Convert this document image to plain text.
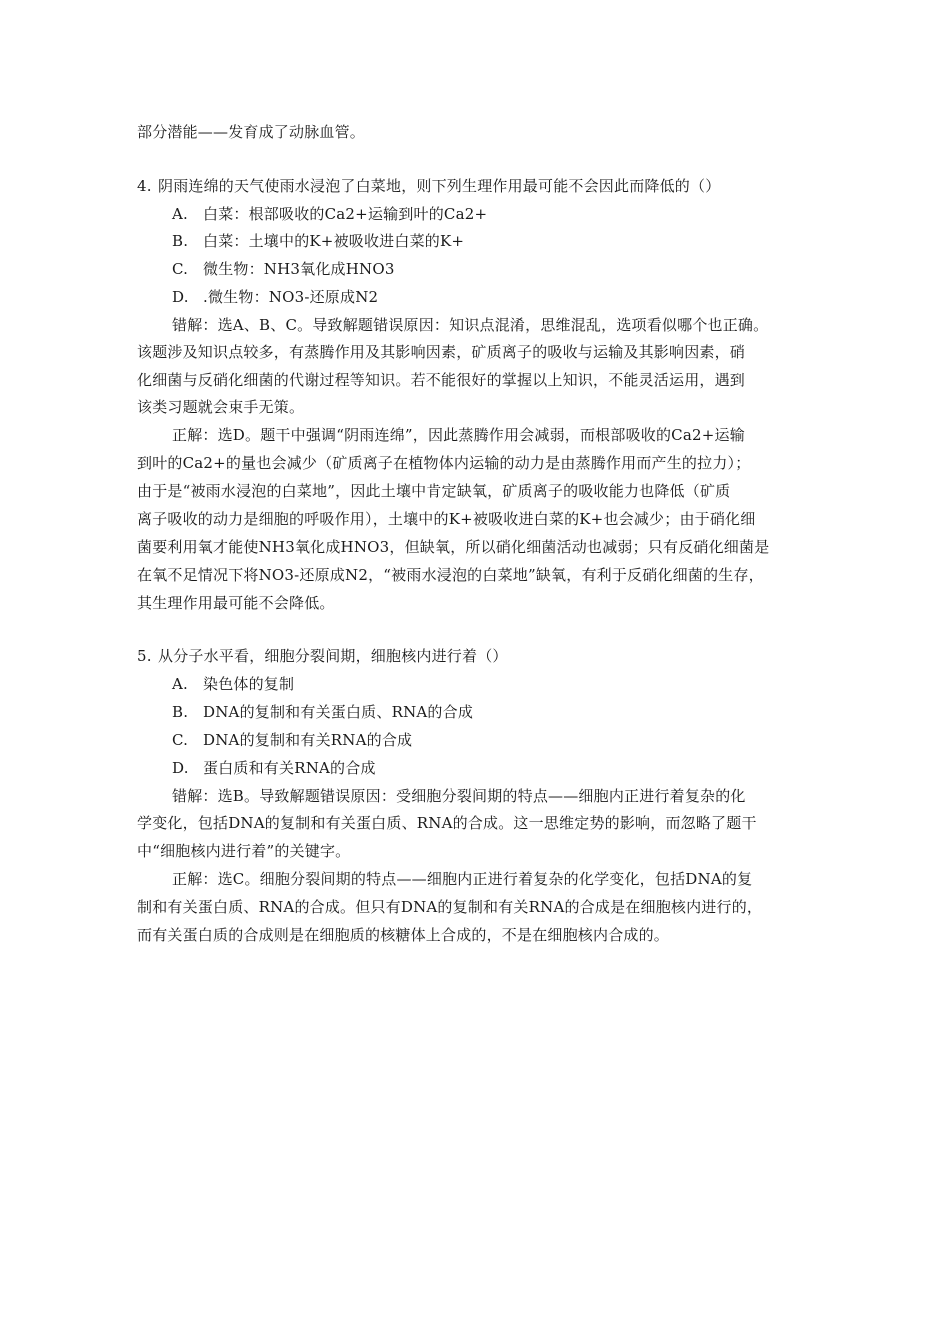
部分潜能——发育成了动脉血管。
4. 阴雨连绵的天气使雨水浸泡了白菜地，则下列生理作用最可能不会因此而降低的（）
A. 白菜：根部吸收的Ca2+运输到叶的Ca2+
B. 白菜：土壤中的K+被吸收进白菜的K+
C. 微生物：NH3氧化成HNO3
D. .微生物：NO3-还原成N2
错解：选A、B、C。导致解题错误原因：知识点混淆，思维混乱，选项看似哪个也正确。
该题涉及知识点较多，有蒸腾作用及其影响因素，矿质离子的吸收与运输及其影响因素，硝
化细菌与反硝化细菌的代谢过程等知识。若不能很好的掌握以上知识，不能灵活运用，遇到
该类习题就会束手无策。
正解：选D。题干中强调“阴雨连绵”，因此蒸腾作用会减弱，而根部吸收的Ca2+运输
到叶的Ca2+的量也会减少（矿质离子在植物体内运输的动力是由蒸腾作用而产生的拉力）；
由于是“被雨水浸泡的白菜地”，因此土壤中肯定缺氧，矿质离子的吸收能力也降低（矿质
离子吸收的动力是细胞的呼吸作用），土壤中的K+被吸收进白菜的K+也会减少；由于硝化细
菌要利用氧才能使NH3氧化成HNO3，但缺氧，所以硝化细菌活动也减弱；只有反硝化细菌是
在氧不足情况下将NO3-还原成N2，“被雨水浸泡的白菜地”缺氧，有利于反硝化细菌的生存，
其生理作用最可能不会降低。
5. 从分子水平看，细胞分裂间期，细胞核内进行着（）
A. 染色体的复制
B. DNA的复制和有关蛋白质、RNA的合成
C. DNA的复制和有关RNA的合成
D. 蛋白质和有关RNA的合成
错解：选B。导致解题错误原因：受细胞分裂间期的特点——细胞内正进行着复杂的化
学变化，包括DNA的复制和有关蛋白质、RNA的合成。这一思维定势的影响，而忽略了题干
中“细胞核内进行着”的关键字。
正解：选C。细胞分裂间期的特点——细胞内正进行着复杂的化学变化，包括DNA的复
制和有关蛋白质、RNA的合成。但只有DNA的复制和有关RNA的合成是在细胞核内进行的，
而有关蛋白质的合成则是在细胞质的核糖体上合成的，不是在细胞核内合成的。
